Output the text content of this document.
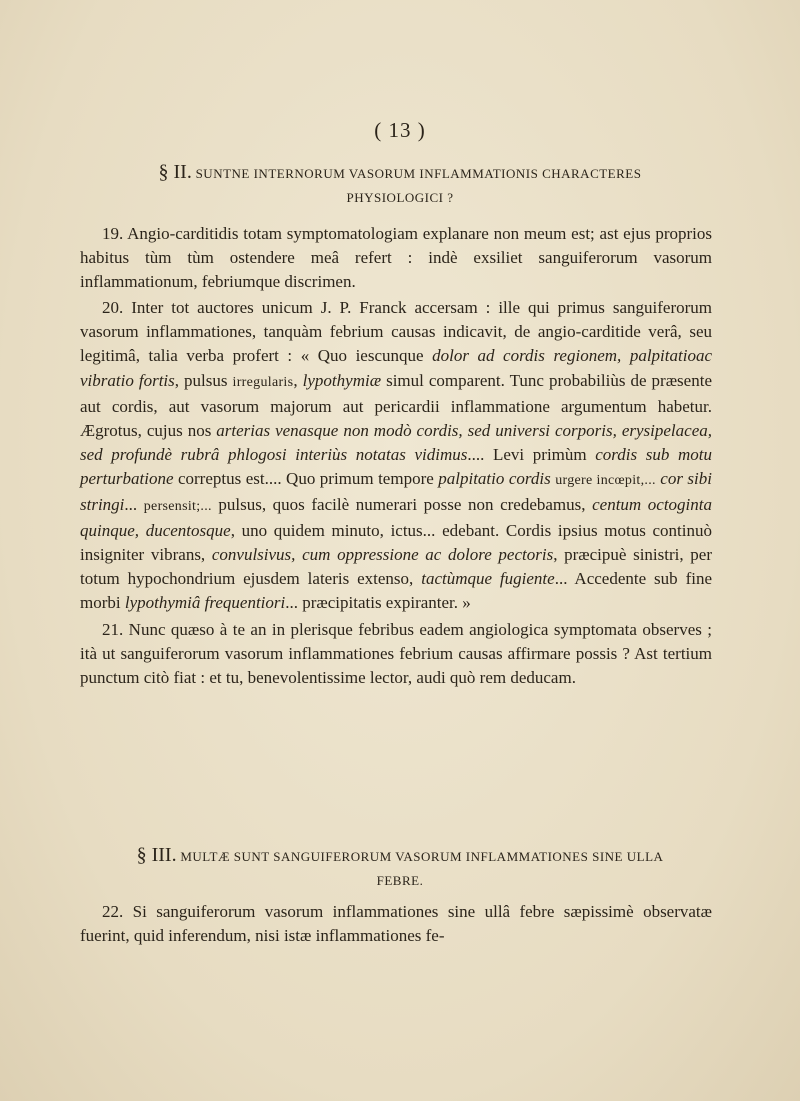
( 13 )
§ II. SUNTNE INTERNORUM VASORUM INFLAMMATIONIS CHARACTERES
PHYSIOLOGICI ?

19. Angio-carditidis totam symptomatologiam explanare non meum est; ast ejus proprios habitus tùm tùm ostendere meâ refert : indè exsiliet sanguiferorum vasorum inflammationum, febriumque discrimen.

20. Inter tot auctores unicum J. P. Franck accersam : ille qui primus sanguiferorum vasorum inflammationes, tanquàm febrium causas indicavit, de angio-carditide verâ, seu legitimâ, talia verba profert : « Quo iescunque dolor ad cordis regionem, palpitatioac vibratio fortis, pulsus irregularis, lypothymiæ simul comparent. Tunc probabiliùs de præsente aut cordis, aut vasorum majorum aut pericardii inflammatione argumentum habetur. Ægrotus, cujus nos arterias venasque non modò cordis, sed universi corporis, erysipelacea, sed profundè rubrâ phlogosi interiùs notatas vidimus.... Levi primùm cordis sub motu perturbatione correptus est.... Quo primum tempore palpitatio cordis urgere incœpit,... cor sibi stringi... persensit;... pulsus, quos facilè numerari posse non credebamus, centum octoginta quinque, ducentosque, uno quidem minuto, ictus... edebant. Cordis ipsius motus continuò insigniter vibrans, convulsivus, cum oppressione ac dolore pectoris, præcipuè sinistri, per totum hypochondrium ejusdem lateris extenso, tactùmque fugiente... Accedente sub fine morbi lypothymiâ frequentiori... præcipitatis expiranter. »

21. Nunc quæso à te an in plerisque febribus eadem angiologica symptomata observes ; ità ut sanguiferorum vasorum inflammationes febrium causas affirmare possis ? Ast tertium punctum citò fiat : et tu, benevolentissime lector, audi quò rem deducam.

§ III. MULTÆ SUNT SANGUIFERORUM VASORUM INFLAMMATIONES SINE ULLA
FEBRE.

22. Si sanguiferorum vasorum inflammationes sine ullâ febre sæpissimè observatæ fuerint, quid inferendum, nisi istæ inflammationes fe-
